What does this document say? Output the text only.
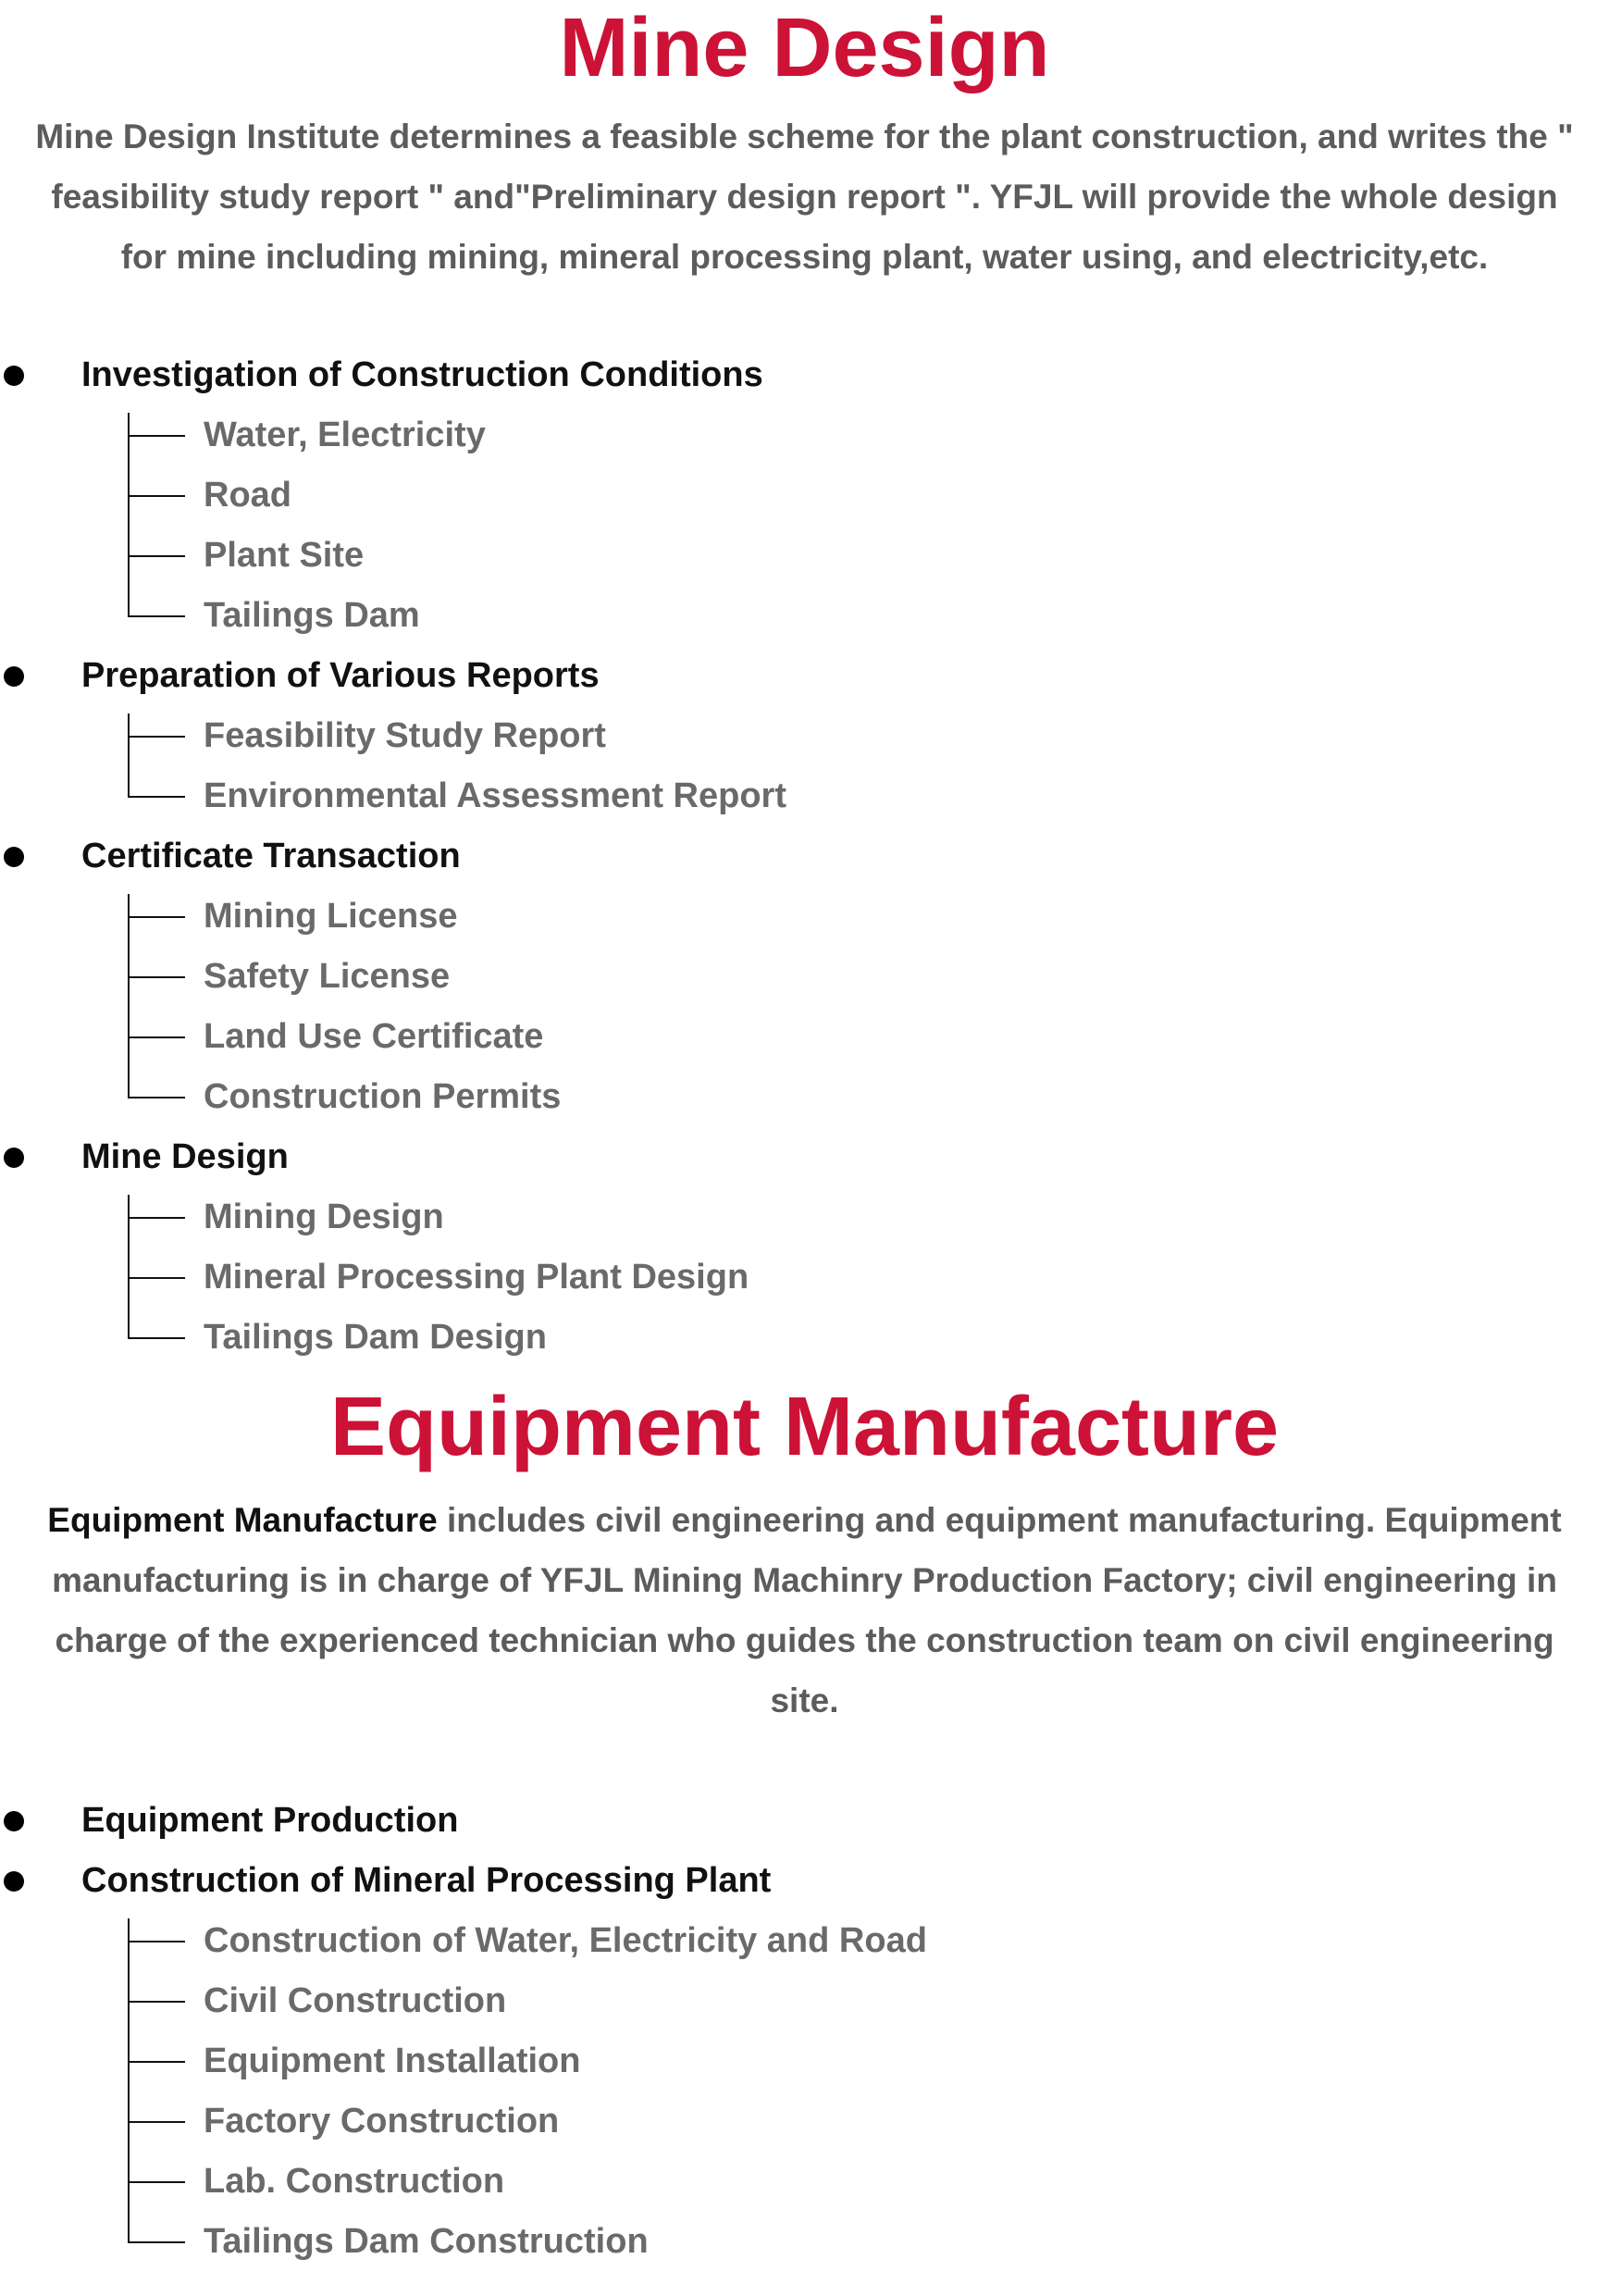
Mine Design

Mine Design Institute determines a feasible scheme for the plant construction, and writes the "
feasibility study report " and"Preliminary design report ". YFJL will provide the whole design
for mine including mining, mineral processing plant, water using, and electricity,etc.

Investigation of Construction Conditions
Water, Electricity
Road
Plant Site
Tailings Dam
Preparation of Various Reports
Feasibility Study Report
Environmental Assessment Report
Certificate Transaction
Mining License
Safety License
Land Use Certificate
Construction Permits
Mine Design
Mining Design
Mineral Processing Plant Design
Tailings Dam Design
Equipment Manufacture

Equipment Manufacture includes civil engineering and equipment manufacturing. Equipment
manufacturing is in charge of YFJL Mining Machinry Production Factory; civil engineering in
charge of the experienced technician who guides the construction team on civil engineering
site.

Equipment Production
Construction of Mineral Processing Plant
Construction of Water, Electricity and Road
Civil Construction
Equipment Installation
Factory Construction
Lab. Construction
Tailings Dam Construction
